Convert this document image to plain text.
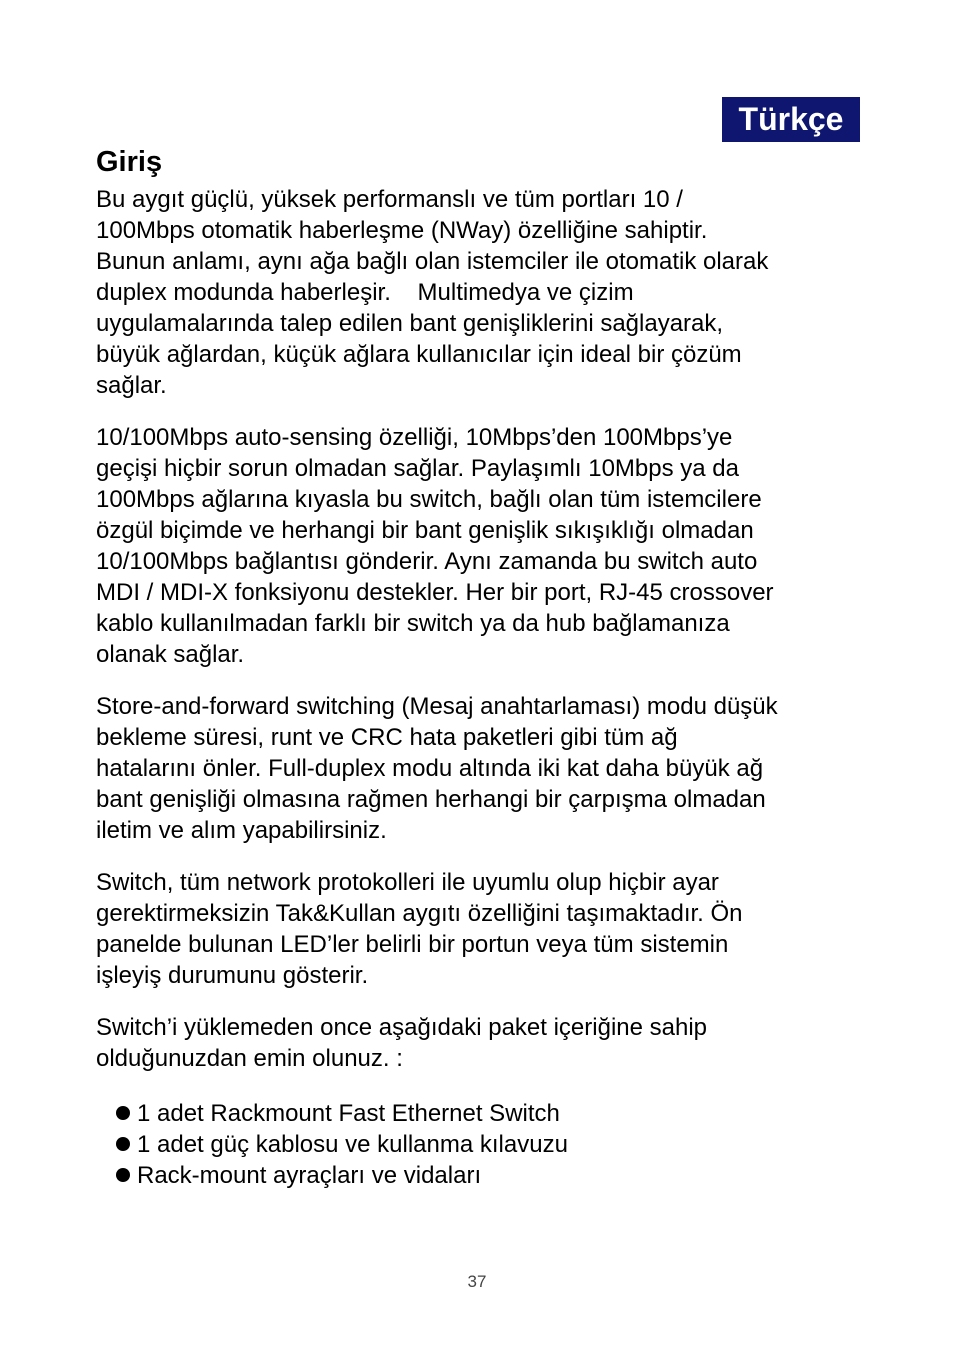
Türkçe
Giriş

Bu aygıt güçlü, yüksek performanslı ve tüm portları 10 /

100Mbps otomatik haberleşme (NWay) özelliğine sahiptir.

Bunun anlamı, aynı ağa bağlı olan istemciler ile otomatik olarak

duplex modunda haberleşir.    Multimedya ve çizim

uygulamalarında talep edilen bant genişliklerini sağlayarak,

büyük ağlardan, küçük ağlara kullanıcılar için ideal bir çözüm

sağlar.

10/100Mbps auto-sensing özelliği, 10Mbps’den 100Mbps’ye

geçişi hiçbir sorun olmadan sağlar. Paylaşımlı 10Mbps ya da

100Mbps ağlarına kıyasla bu switch, bağlı olan tüm istemcilere

özgül biçimde ve herhangi bir bant genişlik sıkışıklığı olmadan

10/100Mbps bağlantısı gönderir. Aynı zamanda bu switch auto

MDI / MDI-X fonksiyonu destekler. Her bir port, RJ-45 crossover

kablo kullanılmadan farklı bir switch ya da hub bağlamanıza

olanak sağlar.

Store-and-forward switching (Mesaj anahtarlaması) modu düşük

bekleme süresi, runt ve CRC hata paketleri gibi tüm ağ

hatalarını önler. Full-duplex modu altında iki kat daha büyük ağ

bant genişliği olmasına rağmen herhangi bir çarpışma olmadan

iletim ve alım yapabilirsiniz.

Switch, tüm network protokolleri ile uyumlu olup hiçbir ayar

gerektirmeksizin Tak&Kullan aygıtı özelliğini taşımaktadır. Ön

panelde bulunan LED’ler belirli bir portun veya tüm sistemin

işleyiş durumunu gösterir.

Switch’i yüklemeden once aşağıdaki paket içeriğine sahip

olduğunuzdan emin olunuz. :

1 adet Rackmount Fast Ethernet Switch
1 adet güç kablosu ve kullanma kılavuzu
Rack-mount ayraçları ve vidaları
37
